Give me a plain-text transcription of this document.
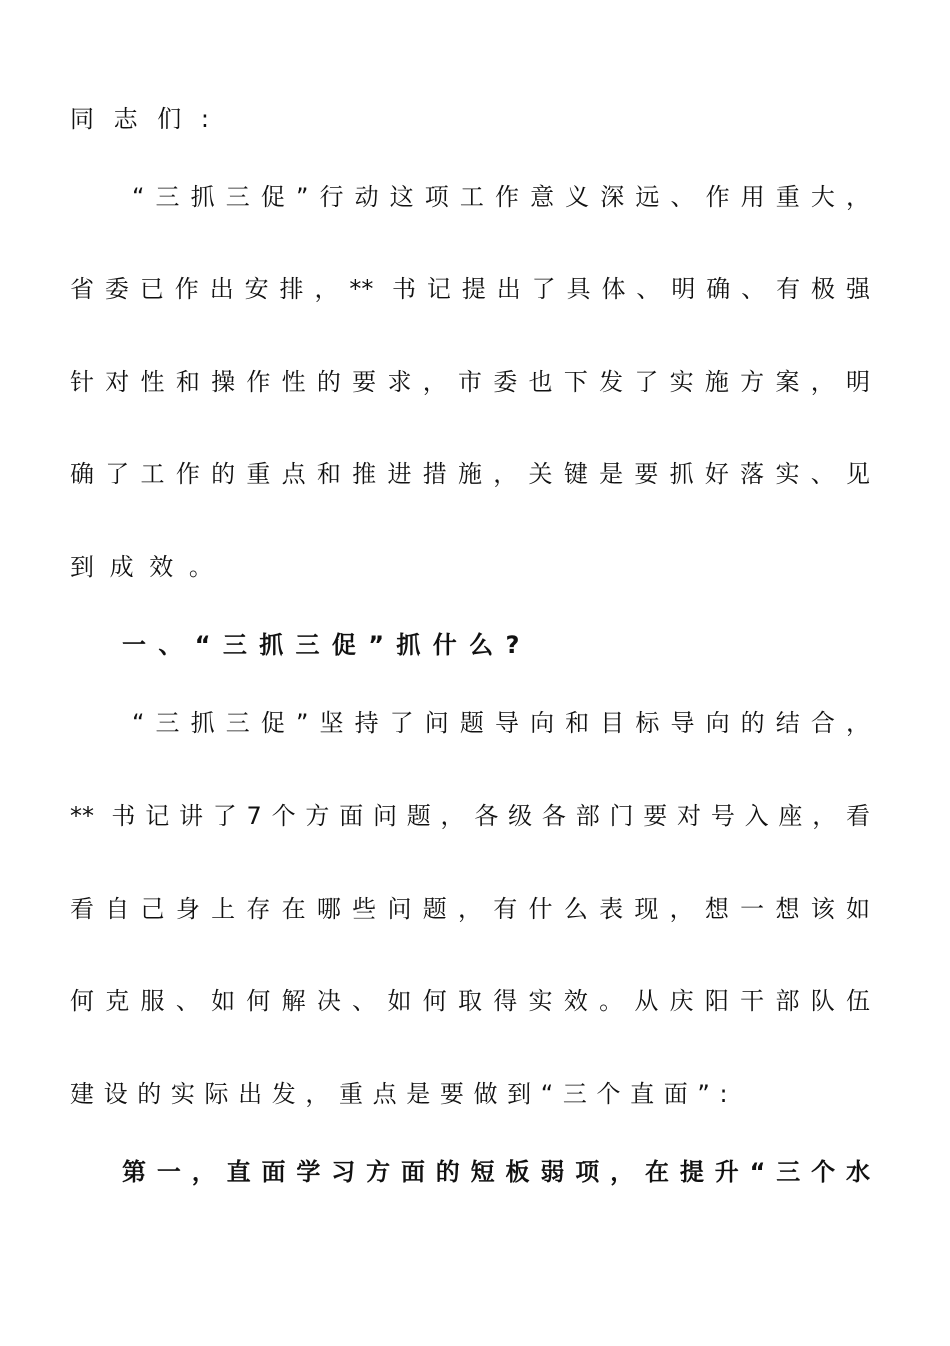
同 志 们 :
“三抓三促”行动这项工作意义深远、作用重大，
省委已作出安排，** 书记提出了具体、明确、有极强
针对性和操作性的要求，市委也下发了实施方案，明
确了工作的重点和推进措施，关键是要抓好落实、见
到 成 效 。
一 、 “ 三 抓 三 促 ” 抓 什 么 ?
“三抓三促”坚持了问题导向和目标导向的结合，
** 书记讲了7个方面问题，各级各部门要对号入座，看
看自己身上存在哪些问题，有什么表现，想一想该如
何克服、如何解决、如何取得实效。从庆阳干部队伍
建 设 的 实 际 出 发 ， 重 点 是 要 做 到 “ 三 个 直 面 ” :
第一，直面学习方面的短板弱项，在提升“三个水
